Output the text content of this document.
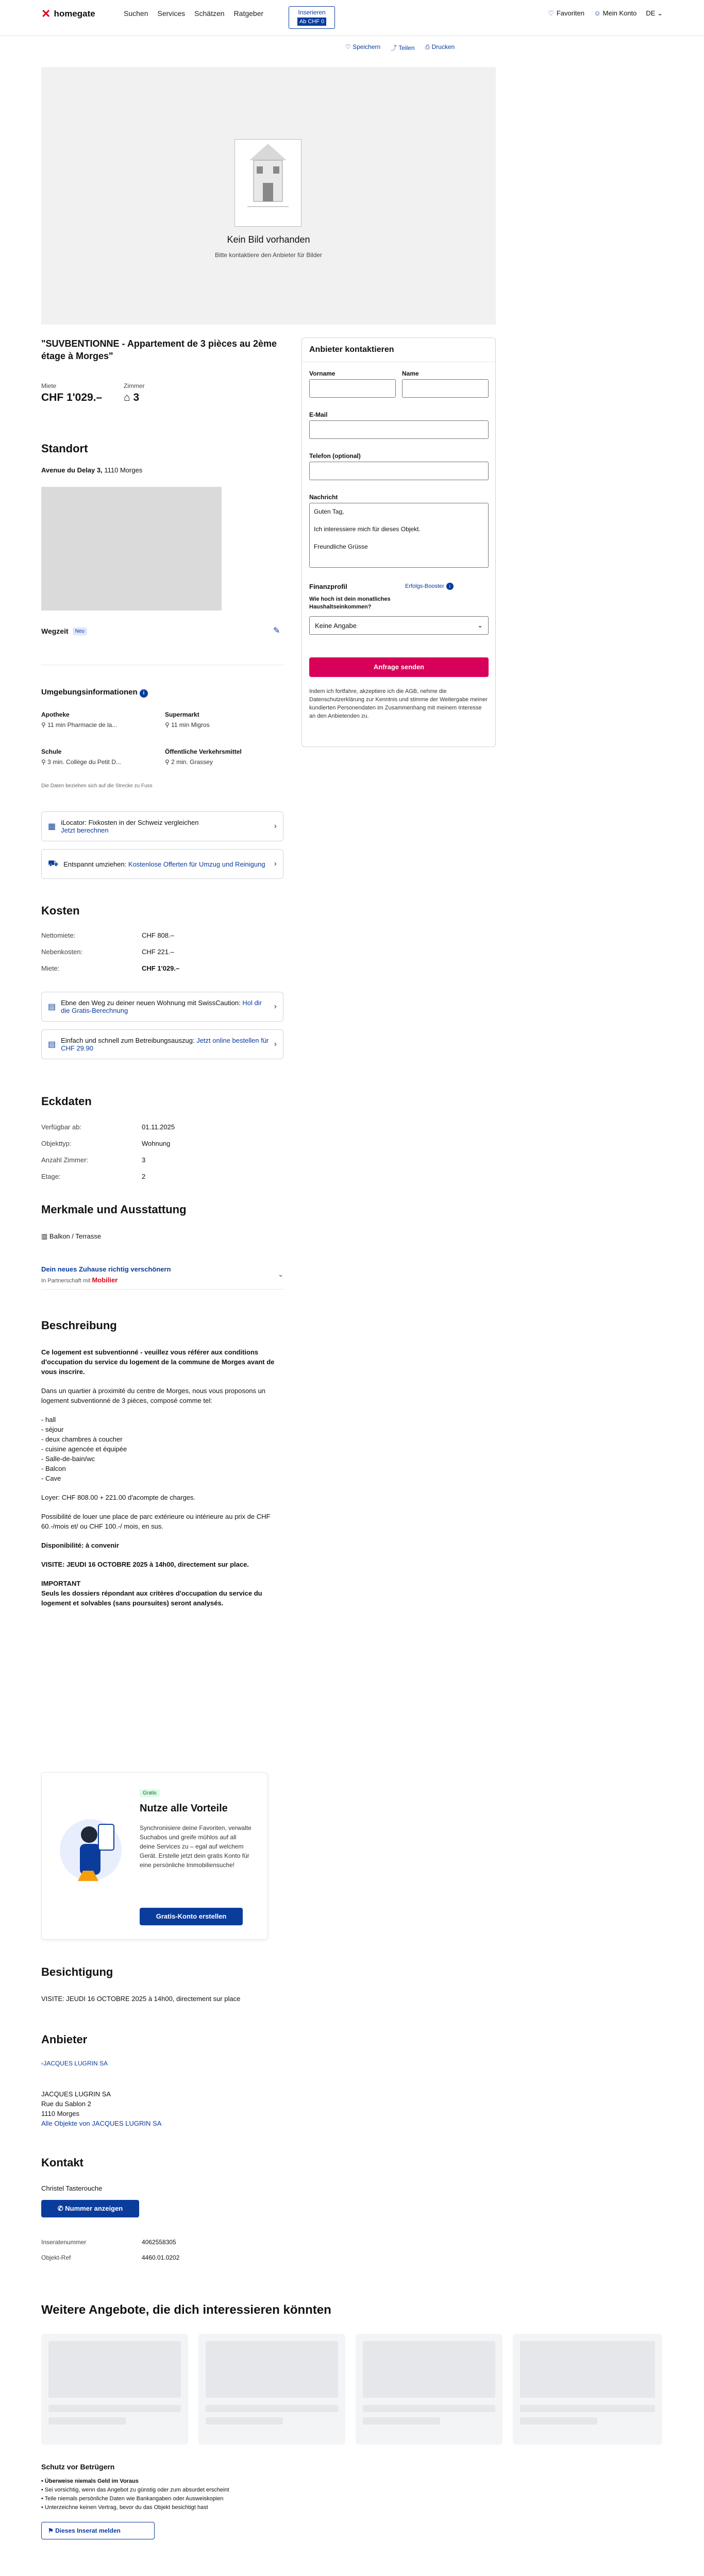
✕ homegate	Suchen Services Schätzen Ratgeber	Inserieren
Ab CHF 0
♡ Favoriten ☺ Mein Konto DE ⌄
♡ Speichern ⤴ Teilen ⎙ Drucken
Kein Bild vorhanden
Bitte kontaktiere den Anbieter für Bilder
"SUVBENTIONNE - Appartement de 3 pièces au 2ème étage à Morges"
Miete
CHF 1'029.–
Zimmer
⌂ 3
Standort
Avenue du Delay 3, 1110 Morges
Wegzeit	Neu	✎
Umgebungsinformationen i
Apotheke
⚲ 11 min Pharmacie de la...
Supermarkt
⚲ 11 min Migros
Schule
⚲ 3 min. Collège du Petit D...
Öffentliche Verkehrsmittel
⚲ 2 min. Grassey
Die Daten beziehen sich auf die Strecke zu Fuss
▦ iLocator: Fixkosten in der Schweiz vergleichen
Jetzt berechnen	›
⛟ Entspannt umziehen: Kostenlose Offerten für Umzug und Reinigung ›
Kosten
Nettomiete:	CHF 808.–
Nebenkosten:	CHF 221.–
Miete:	CHF 1'029.–
▤ Ebne den Weg zu deiner neuen Wohnung mit SwissCaution: Hol dir die Gratis-Berechnung	›
▤ Einfach und schnell zum Betreibungsauszug: Jetzt online bestellen für CHF 29.90	›
Eckdaten
Verfügbar ab:	01.11.2025
Objekttyp:	Wohnung
Anzahl Zimmer:	3
Etage:	2
Merkmale und Ausstattung
▥ Balkon / Terrasse
Dein neues Zuhause richtig verschönern
In Partnerschaft mit Mobilier
⌄
Beschreibung

Ce logement est subventionné - veuillez vous référer aux conditions d'occupation du service du logement de la commune de Morges avant de vous inscrire.

Dans un quartier à proximité du centre de Morges, nous vous proposons un logement subventionné de 3 pièces, composé comme tel:

- hall
- séjour
- deux chambres à coucher
- cuisine agencée et équipée
- Salle-de-bain/wc
- Balcon
- Cave

Loyer: CHF 808.00 + 221.00 d'acompte de charges.

Possibilité de louer une place de parc extérieure ou intérieure au prix de CHF 60.-/mois et/ ou CHF 100.-/ mois, en sus.

Disponibilité: à convenir

VISITE: JEUDI 16 OCTOBRE 2025 à 14h00, directement sur place.

IMPORTANT

Seuls les dossiers répondant aux critères d'occupation du service du logement et solvables (sans poursuites) seront analysés.

Gratis
Nutze alle Vorteile
Synchronisiere deine Favoriten, verwalte Suchabos und greife mühlos auf all deine Services zu – egal auf welchem Gerät. Erstelle jetzt dein gratis Konto für eine persönliche Immobiliensuche!
Gratis-Konto erstellen
Besichtigung
VISITE: JEUDI 16 OCTOBRE 2025 à 14h00, directement sur place
Anbieter
▫JACQUES LUGRIN SA
JACQUES LUGRIN SA
Rue du Sablon 2
1110 Morges
Alle Objekte von JACQUES LUGRIN SA
Kontakt
Christel Tasterouche
✆ Nummer anzeigen
Inseratenummer	4062558305
Objekt-Ref	4460.01.0202
Weitere Angebote, die dich interessieren könnten
Schutz vor Betrügern
• Überweise niemals Geld im Voraus
• Sei vorsichtig, wenn das Angebot zu günstig oder zum absurdet erscheint
• Teile niemals persönliche Daten wie Bankangaben oder Ausweiskopien
• Unterzeichne keinen Vertrag, bevor du das Objekt besichtigt hast
⚑ Dieses Inserat melden
Anbieter kontaktieren
Vorname	Name
E-Mail
Telefon (optional)
Nachricht
Guten Tag,

Ich interessiere mich für dieses Objekt.

Freundliche Grüsse
Finanzprofil	Erfolgs-Booster	i
Wie hoch ist dein monatliches Haushaltseinkommen?
Keine Angabe	⌄
Anfrage senden
Indem ich fortfahre, akzeptiere ich die AGB, nehme die Datenschutzerklärung zur Kenntnis und stimme der Weitergabe meiner kundierten Personendaten im Zusammenhang mit meinem Interesse an den Anbietenden zu.
